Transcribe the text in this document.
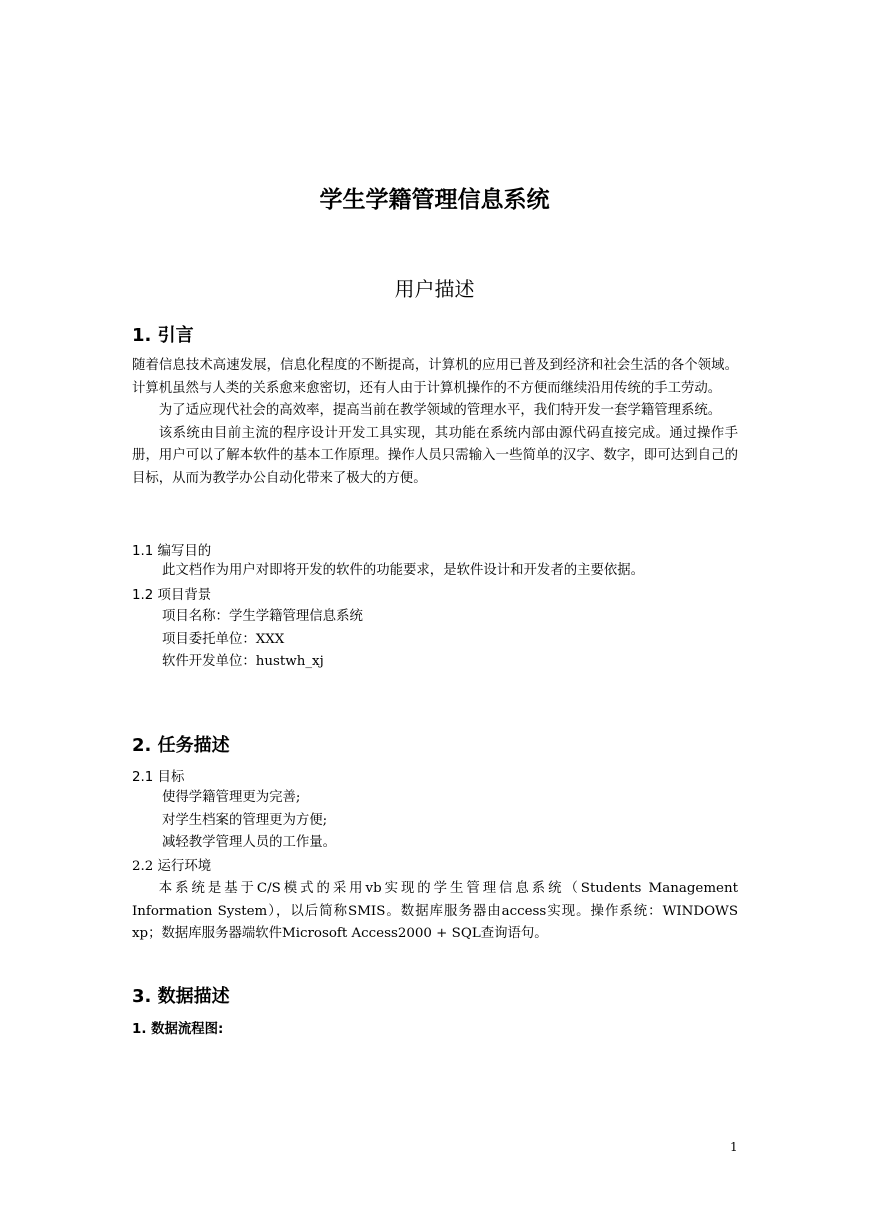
学生学籍管理信息系统
用户描述
1. 引言

随着信息技术高速发展，信息化程度的不断提高，计算机的应用已普及到经济和社会生活的各个领域。计算机虽然与人类的关系愈来愈密切，还有人由于计算机操作的不方便而继续沿用传统的手工劳动。

为了适应现代社会的高效率，提高当前在教学领域的管理水平，我们特开发一套学籍管理系统。

该系统由目前主流的程序设计开发工具实现，其功能在系统内部由源代码直接完成。通过操作手册，用户可以了解本软件的基本工作原理。操作人员只需输入一些简单的汉字、数字，即可达到自己的目标，从而为教学办公自动化带来了极大的方便。

1.1 编写目的
此文档作为用户对即将开发的软件的功能要求，是软件设计和开发者的主要依据。
1.2 项目背景
项目名称：学生学籍管理信息系统
项目委托单位：XXX
软件开发单位：hustwh_xj
2. 任务描述
2.1 目标
使得学籍管理更为完善;
对学生档案的管理更为方便;
减轻教学管理人员的工作量。
2.2 运行环境

本系统是基于C/S模式的采用vb实现的学生管理信息系统（Students Management Information System），以后简称SMIS。数据库服务器由access实现。操作系统：WINDOWS xp；数据库服务器端软件Microsoft Access2000 + SQL查询语句。

3. 数据描述
1. 数据流程图:
1
